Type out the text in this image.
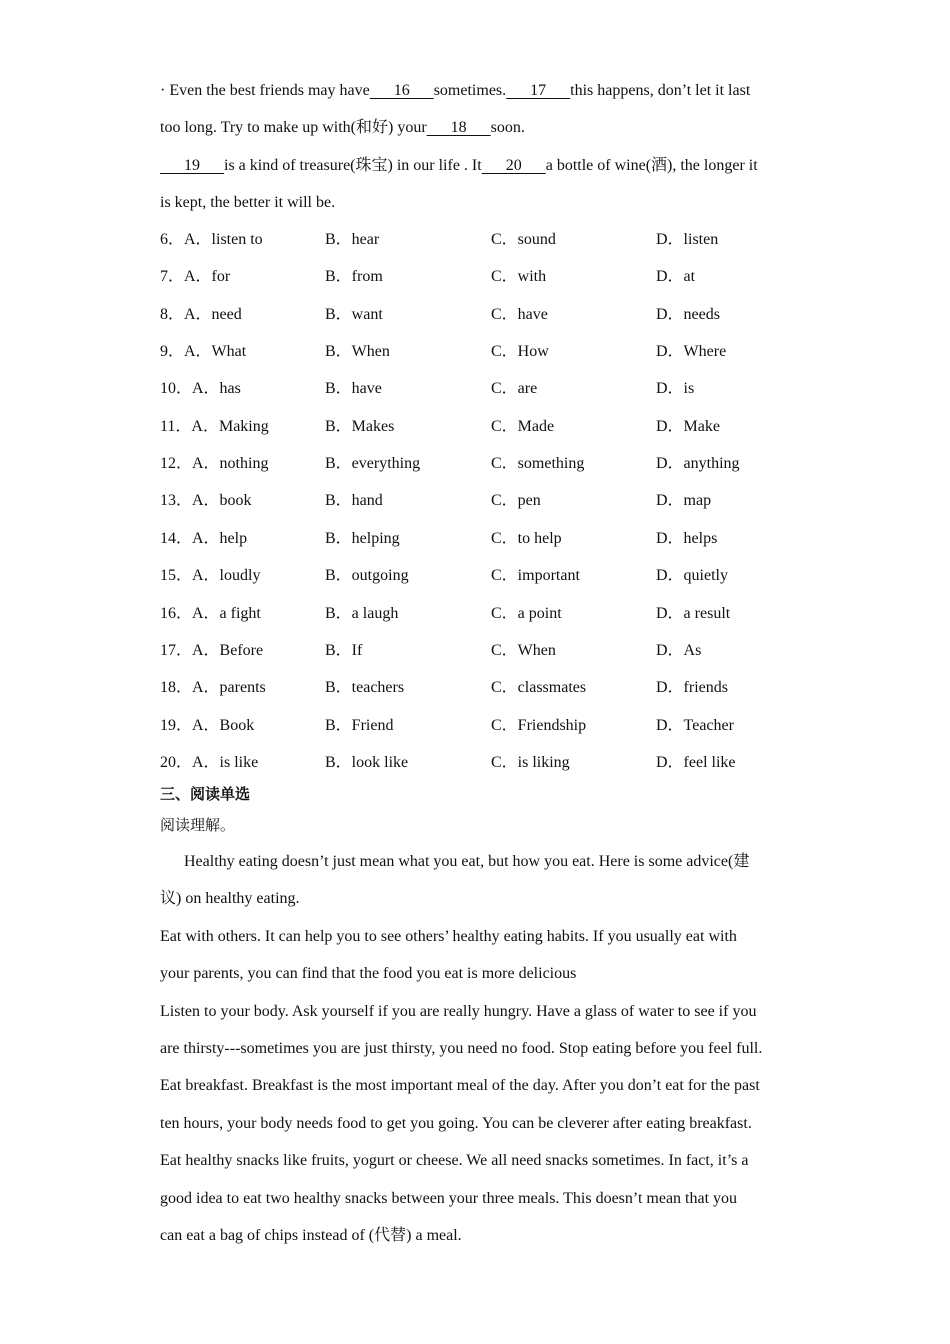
· Even the best friends may have      16      sometimes.      17      this happens, don’t let it last
too long. Try to make up with(和好) your      18      soon.
19      is a kind of treasure(珠宝) in our life . It      20      a bottle of wine(酒), the longer it
is kept, the better it will be.
6．A．listen to	B．hear	C．sound	D．listen
7．A．for	B．from	C．with	D．at
8．A．need	B．want	C．have	D．needs
9．A．What	B．When	C．How	D．Where
10．A．has	B．have	C．are	D．is
11．A．Making	B．Makes	C．Made	D．Make
12．A．nothing	B．everything	C．something	D．anything
13．A．book	B．hand	C．pen	D．map
14．A．help	B．helping	C．to help	D．helps
15．A．loudly	B．outgoing	C．important	D．quietly
16．A．a fight	B．a laugh	C．a point	D．a result
17．A．Before	B．If	C．When	D．As
18．A．parents	B．teachers	C．classmates	D．friends
19．A．Book	B．Friend	C．Friendship	D．Teacher
20．A．is like	B．look like	C．is liking	D．feel like
三、阅读单选
阅读理解。
Healthy eating doesn’t just mean what you eat, but how you eat. Here is some advice(建
议) on healthy eating.
Eat with others. It can help you to see others’ healthy eating habits. If you usually eat with
your parents, you can find that the food you eat is more delicious
Listen to your body. Ask yourself if you are really hungry. Have a glass of water to see if you
are thirsty---sometimes you are just thirsty, you need no food. Stop eating before you feel full.
Eat breakfast. Breakfast is the most important meal of the day. After you don’t eat for the past
ten hours, your body needs food to get you going. You can be cleverer after eating breakfast.
Eat healthy snacks like fruits, yogurt or cheese. We all need snacks sometimes. In fact, it’s a
good idea to eat two healthy snacks between your three meals. This doesn’t mean that you
can eat a bag of chips instead of (代替) a meal.
